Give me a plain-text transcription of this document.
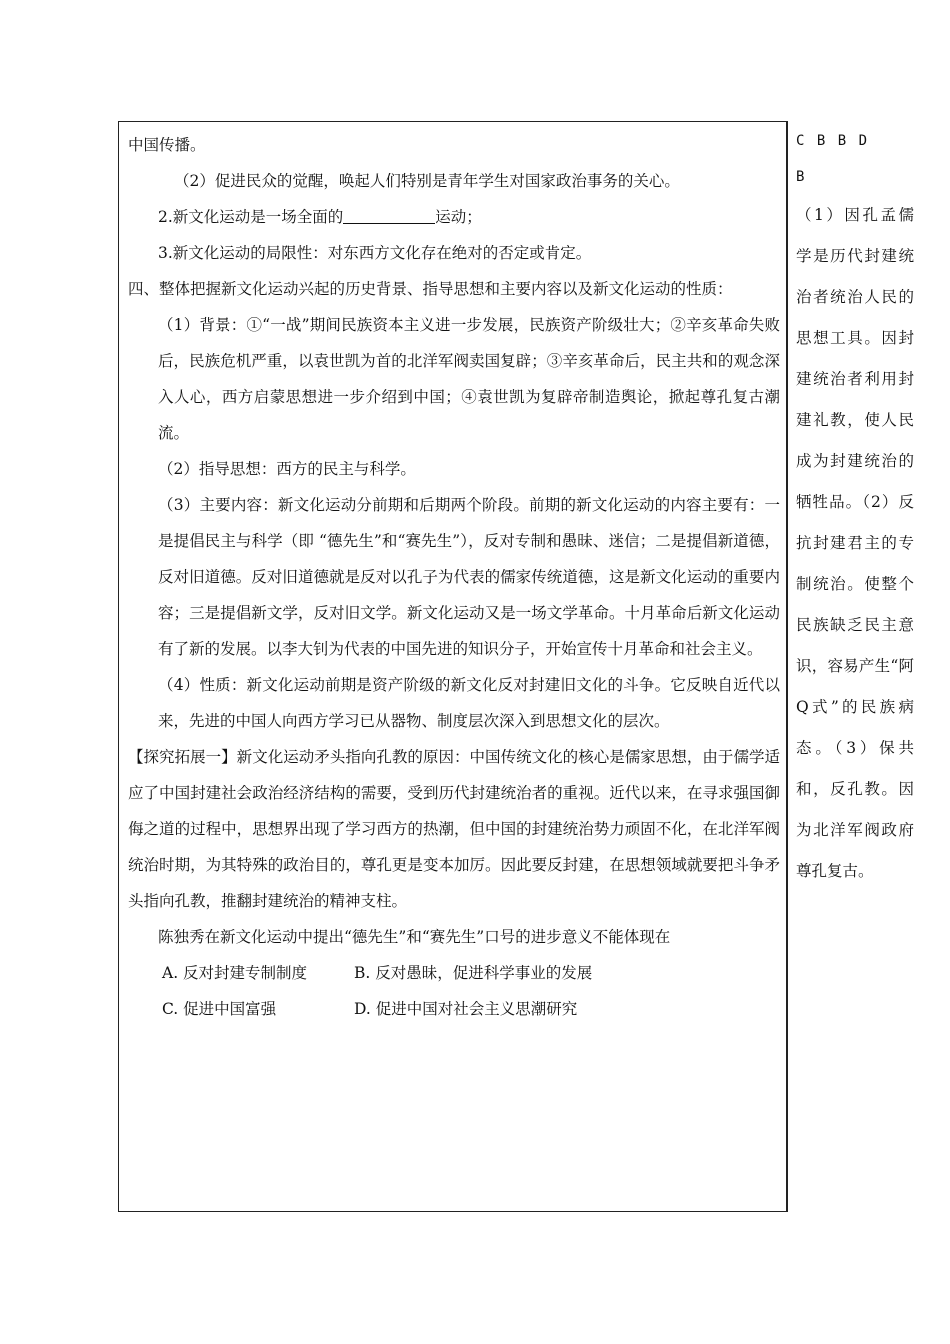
中国传播。

（2）促进民众的觉醒，唤起人们特别是青年学生对国家政治事务的关心。

2.新文化运动是一场全面的	运动；

3.新文化运动的局限性：对东西方文化存在绝对的否定或肯定。

四、整体把握新文化运动兴起的历史背景、指导思想和主要内容以及新文化运动的性质：

（1）背景：①“一战”期间民族资本主义进一步发展，民族资产阶级壮大；②辛亥革命失败后，民族危机严重，以袁世凯为首的北洋军阀卖国复辟；③辛亥革命后，民主共和的观念深入人心，西方启蒙思想进一步介绍到中国；④袁世凯为复辟帝制造舆论，掀起尊孔复古潮流。

（2）指导思想：西方的民主与科学。

（3）主要内容：新文化运动分前期和后期两个阶段。前期的新文化运动的内容主要有：一是提倡民主与科学（即 “德先生”和“赛先生”），反对专制和愚昧、迷信；二是提倡新道德，反对旧道德。反对旧道德就是反对以孔子为代表的儒家传统道德，这是新文化运动的重要内容；三是提倡新文学，反对旧文学。新文化运动又是一场文学革命。十月革命后新文化运动有了新的发展。以李大钊为代表的中国先进的知识分子，开始宣传十月革命和社会主义。

（4）性质：新文化运动前期是资产阶级的新文化反对封建旧文化的斗争。它反映自近代以来，先进的中国人向西方学习已从器物、制度层次深入到思想文化的层次。

【探究拓展一】新文化运动矛头指向孔教的原因：中国传统文化的核心是儒家思想，由于儒学适应了中国封建社会政治经济结构的需要，受到历代封建统治者的重视。近代以来，在寻求强国御侮之道的过程中，思想界出现了学习西方的热潮，但中国的封建统治势力顽固不化，在北洋军阀统治时期，为其特殊的政治目的，尊孔更是变本加厉。因此要反封建，在思想领域就要把斗争矛头指向孔教，推翻封建统治的精神支柱。

陈独秀在新文化运动中提出“德先生”和“赛先生”口号的进步意义不能体现在

A. 反对封建专制制度	B. 反对愚昧，促进科学事业的发展
C. 促进中国富强	D. 促进中国对社会主义思潮研究

C B B D

B

（1）因孔孟儒学是历代封建统治者统治人民的思想工具。因封建统治者利用封建礼教，使人民成为封建统治的牺牲品。（2）反抗封建君主的专制统治。使整个民族缺乏民主意识，容易产生“阿Q式”的民族病态。（3）保共和，反孔教。因为北洋军阀政府尊孔复古。
